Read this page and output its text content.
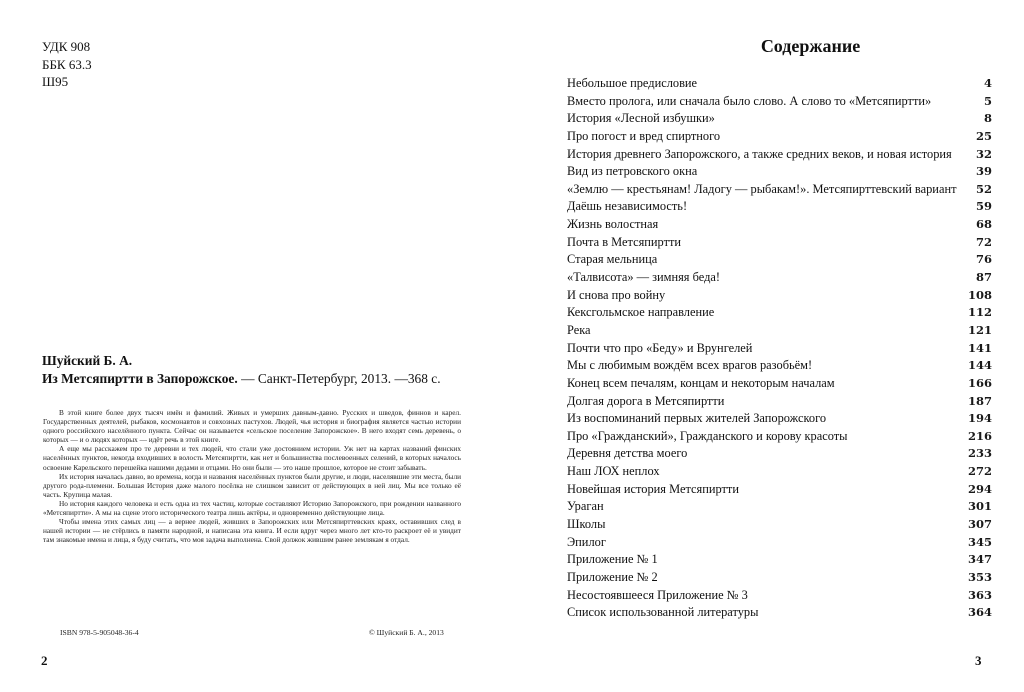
УДК 908
ББК 63.3
Ш95
Шуйский Б. А.
Из Метсяпиртти в Запорожское. — Санкт-Петербург, 2013. —368 с.

В этой книге более двух тысяч имён и фамилий. Живых и умерших давным-давно. Русских и шведов, финнов и карел. Государственных деятелей, рыбаков, космонавтов и совхозных пастухов. Людей, чья история и биография является частью истории одного российского населённого пункта. Сейчас он называется «сельское поселение Запорожское». В него входят семь деревень, о которых — и о людях которых — идёт речь в этой книге.

А еще мы расскажем про те деревни и тех людей, что стали уже достоянием истории. Уж нет на картах названий финских населённых пунктов, некогда входивших в волость Метсяпиртти, как нет и большинства послевоенных селений, в которых началось освоение Карельского перешейка нашими дедами и отцами. Но они были — это наше прошлое, которое не стоит забывать.

Их история началась давно, во времена, когда и названия населённых пунктов были другие, и люди, населявшие эти места, были другого рода-племени. Большая История даже малого посёлка не слишком зависит от действующих в ней лиц. Мы все только её часть. Крупица малая.

Но история каждого человека и есть одна из тех частиц, которые составляют Историю Запорожского, при рождении названного «Метсяпиртти». А мы на сцене этого исторического театра лишь актёры, и одновременно действующие лица.

Чтобы имена этих самых лиц — а вернее людей, живших в Запорожских или Метсяпирттевских краях, оставивших след в нашей истории — не стёрлись в памяти народной, и написана эта книга. И если вдруг через много лет кто-то раскроет её и увидит там знакомые имена и лица, я буду считать, что моя задача выполнена. Свой должок жившим ранее землякам я отдал.

ISBN 978-5-905048-36-4	© Шуйский Б. А., 2013
2
Содержание
Небольшое предисловие	4
Вместо пролога, или сначала было слово. А слово то «Метсяпиртти»	5
История «Лесной избушки»	8
Про погост и вред спиртного	25
История древнего Запорожского, а также средних веков, и новая история 32
Вид из петровского окна	39
«Землю — крестьянам! Ладогу — рыбакам!». Метсяпирттевский вариант 52
Даёшь независимость!	59
Жизнь волостная	68
Почта в Метсяпиртти	72
Старая мельница	76
«Талвисота» — зимняя беда!	87
И снова про войну	108
Кексгольмское направление	112
Река	121
Почти что про «Беду» и Врунгелей	141
Мы с любимым вождём всех врагов разобьём!	144
Конец всем печалям, концам и некоторым началам	166
Долгая дорога в Метсяпиртти	187
Из воспоминаний первых жителей Запорожского	194
Про «Гражданский», Гражданского и корову красоты	216
Деревня детства моего	233
Наш ЛОХ неплох	272
Новейшая история Метсяпиртти	294
Ураган	301
Школы	307
Эпилог	345
Приложение № 1	347
Приложение № 2	353
Несостоявшееся Приложение № 3	363
Список использованной литературы	364
3
